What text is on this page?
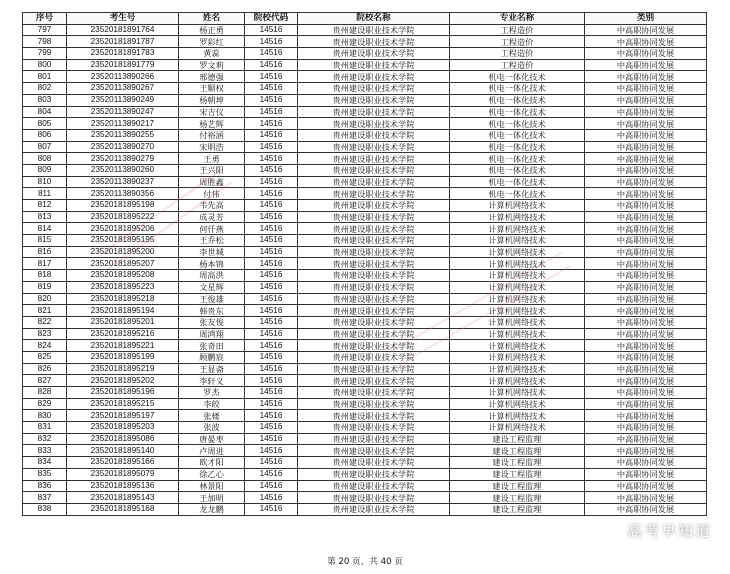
序号	考生号	姓名	院校代码	院校名称	专业名称	类别
797	23520181891764	杨正勇	14516	贵州建设职业技术学院	工程造价	中高职协同发展
798	23520181891787	罗彩红	14516	贵州建设职业技术学院	工程造价	中高职协同发展
799	23520181891783	黄蕊	14516	贵州建设职业技术学院	工程造价	中高职协同发展
800	23520181891779	罗文莉	14516	贵州建设职业技术学院	工程造价	中高职协同发展
801	23520113890266	邢德强	14516	贵州建设职业技术学院	机电一体化技术	中高职协同发展
802	23520113890267	王顺权	14516	贵州建设职业技术学院	机电一体化技术	中高职协同发展
803	23520113890249	杨朝坤	14516	贵州建设职业技术学院	机电一体化技术	中高职协同发展
804	23520113890247	宋吉仪	14516	贵州建设职业技术学院	机电一体化技术	中高职协同发展
805	23520113890217	杨艺辉	14516	贵州建设职业技术学院	机电一体化技术	中高职协同发展
806	23520113890255	付裕涵	14516	贵州建设职业技术学院	机电一体化技术	中高职协同发展
807	23520113890270	宋明浩	14516	贵州建设职业技术学院	机电一体化技术	中高职协同发展
808	23520113890279	王勇	14516	贵州建设职业技术学院	机电一体化技术	中高职协同发展
809	23520113890260	王兴阳	14516	贵州建设职业技术学院	机电一体化技术	中高职协同发展
810	23520113890237	周胜鑫	14516	贵州建设职业技术学院	机电一体化技术	中高职协同发展
811	23520113890356	付伟	14516	贵州建设职业技术学院	机电一体化技术	中高职协同发展
812	23520181895198	韦先高	14516	贵州建设职业技术学院	计算机网络技术	中高职协同发展
813	23520181895222	成灵芳	14516	贵州建设职业技术学院	计算机网络技术	中高职协同发展
814	23520181895206	何仟燕	14516	贵州建设职业技术学院	计算机网络技术	中高职协同发展
815	23520181895195	王乔松	14516	贵州建设职业技术学院	计算机网络技术	中高职协同发展
816	23520181895200	李世城	14516	贵州建设职业技术学院	计算机网络技术	中高职协同发展
817	23520181895207	杨本锦	14516	贵州建设职业技术学院	计算机网络技术	中高职协同发展
818	23520181895208	周高洪	14516	贵州建设职业技术学院	计算机网络技术	中高职协同发展
819	23520181895223	文星辉	14516	贵州建设职业技术学院	计算机网络技术	中高职协同发展
820	23520181895218	王俊雄	14516	贵州建设职业技术学院	计算机网络技术	中高职协同发展
821	23520181895194	韩贵东	14516	贵州建设职业技术学院	计算机网络技术	中高职协同发展
822	23520181895201	张友俊	14516	贵州建设职业技术学院	计算机网络技术	中高职协同发展
823	23520181895216	周鸿翔	14516	贵州建设职业技术学院	计算机网络技术	中高职协同发展
824	23520181895221	张奇田	14516	贵州建设职业技术学院	计算机网络技术	中高职协同发展
825	23520181895199	顾鹏宸	14516	贵州建设职业技术学院	计算机网络技术	中高职协同发展
826	23520181895219	王显斋	14516	贵州建设职业技术学院	计算机网络技术	中高职协同发展
827	23520181895202	李轩义	14516	贵州建设职业技术学院	计算机网络技术	中高职协同发展
828	23520181895196	罗杰	14516	贵州建设职业技术学院	计算机网络技术	中高职协同发展
829	23520181895215	李皎	14516	贵州建设职业技术学院	计算机网络技术	中高职协同发展
830	23520181895197	张楼	14516	贵州建设职业技术学院	计算机网络技术	中高职协同发展
831	23520181895203	张波	14516	贵州建设职业技术学院	计算机网络技术	中高职协同发展
832	23520181895086	唐晏枣	14516	贵州建设职业技术学院	建设工程监理	中高职协同发展
833	23520181895140	卢周进	14516	贵州建设职业技术学院	建设工程监理	中高职协同发展
834	23520181895166	欧才阳	14516	贵州建设职业技术学院	建设工程监理	中高职协同发展
835	23520181895079	徐乙心	14516	贵州建设职业技术学院	建设工程监理	中高职协同发展
836	23520181895136	林景阳	14516	贵州建设职业技术学院	建设工程监理	中高职协同发展
837	23520181895143	王加明	14516	贵州建设职业技术学院	建设工程监理	中高职协同发展
838	23520181895168	龙龙鹏	14516	贵州建设职业技术学院	建设工程监理	中高职协同发展
第 20 页，共 40 页
高考早知道
